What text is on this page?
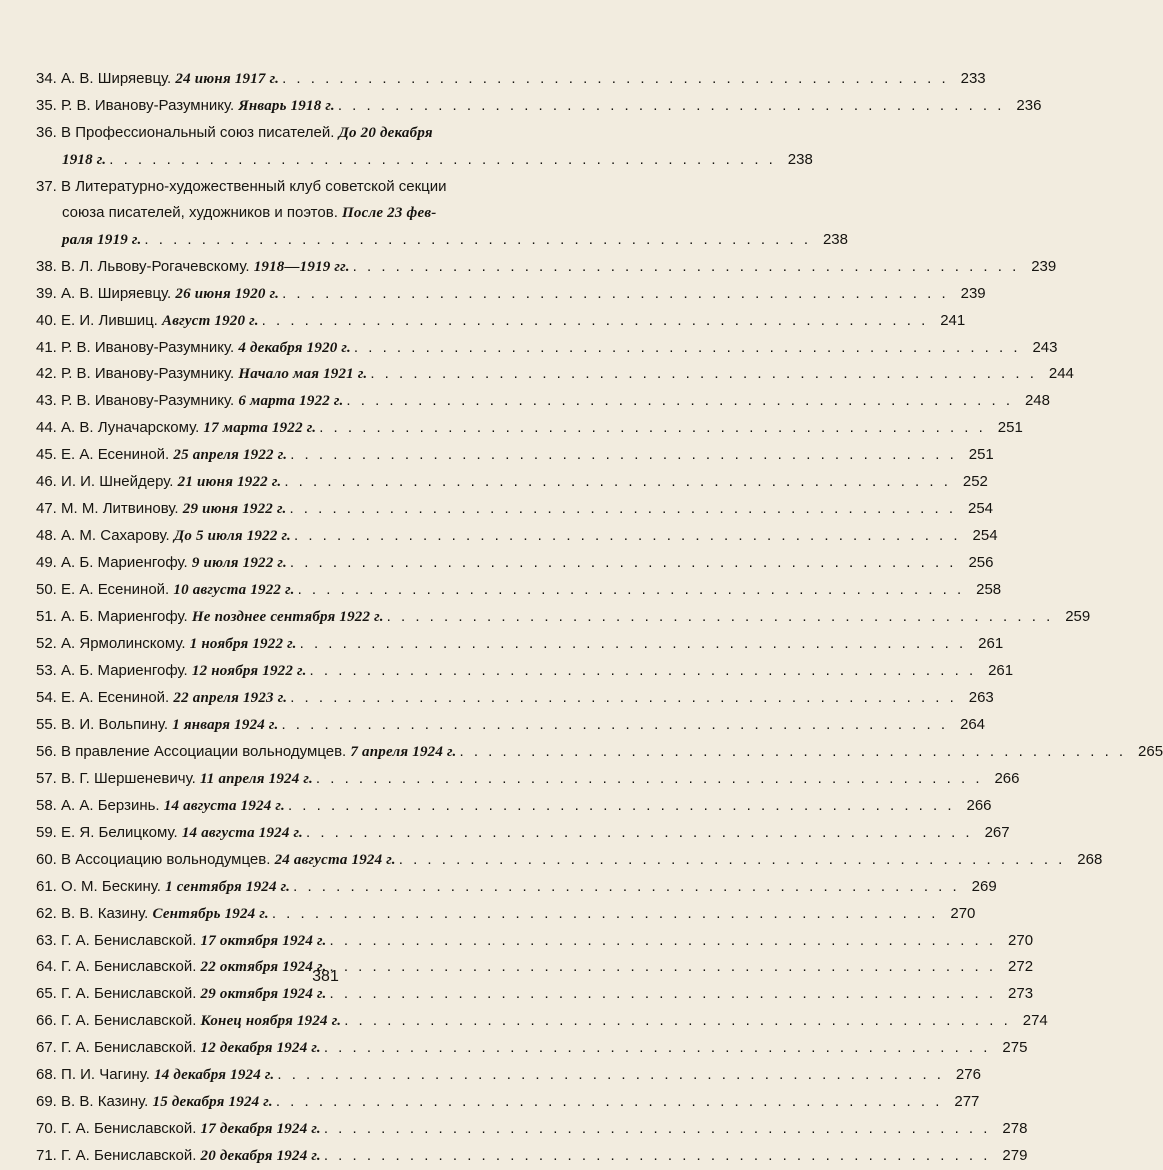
34.
А. В. Ширяевцу. 24 июня 1917 г. . . .	233
35.
Р. В. Иванову-Разумнику. Январь 1918 г. . . .	236
36.
В Профессиональный союз писателей. До 20 декабря
1918 г. . . .	238
37.
В Литературно-художественный клуб советской секции
союза писателей, художников и поэтов. После 23 фев-
раля 1919 г. . . .	238
38.
В. Л. Львову-Рогачевскому. 1918—1919 гг. . . .	239
39.
А. В. Ширяевцу. 26 июня 1920 г. . . .	239
40.
Е. И. Лившиц. Август 1920 г. . . .	241
41.
Р. В. Иванову-Разумнику. 4 декабря 1920 г. . . .	243
42.
Р. В. Иванову-Разумнику. Начало мая 1921 г. . . .	244
43.
Р. В. Иванову-Разумнику. 6 марта 1922 г. . . .	248
44.
А. В. Луначарскому. 17 марта 1922 г. . . .	251
45.
Е. А. Есениной. 25 апреля 1922 г. . . .	251
46.
И. И. Шнейдеру. 21 июня 1922 г. . . .	252
47.
М. М. Литвинову. 29 июня 1922 г. . . .	254
48.
А. М. Сахарову. До 5 июля 1922 г. . . .	254
49.
А. Б. Мариенгофу. 9 июля 1922 г. . . .	256
50.
Е. А. Есениной. 10 августа 1922 г. . . .	258
51.
А. Б. Мариенгофу. Не позднее сентября 1922 г. . . .	259
52.
А. Ярмолинскому. 1 ноября 1922 г. . . .	261
53.
А. Б. Мариенгофу. 12 ноября 1922 г. . . .	261
54.
Е. А. Есениной. 22 апреля 1923 г. . . .	263
55.
В. И. Вольпину. 1 января 1924 г. . . .	264
56.
В правление Ассоциации вольнодумцев. 7 апреля 1924 г. . . .	265
57.
В. Г. Шершеневичу. 11 апреля 1924 г. . . .	266
58.
А. А. Берзинь. 14 августа 1924 г. . . .	266
59.
Е. Я. Белицкому. 14 августа 1924 г. . . .	267
60.
В Ассоциацию вольнодумцев. 24 августа 1924 г. . . .	268
61.
О. М. Бескину. 1 сентября 1924 г. . . .	269
62.
В. В. Казину. Сентябрь 1924 г. . . .	270
63.
Г. А. Бениславской. 17 октября 1924 г. . . .	270
64.
Г. А. Бениславской. 22 октября 1924 г. . . .	272
65.
Г. А. Бениславской. 29 октября 1924 г. . . .	273
66.
Г. А. Бениславской. Конец ноября 1924 г. . . .	274
67.
Г. А. Бениславской. 12 декабря 1924 г. . . .	275
68.
П. И. Чагину. 14 декабря 1924 г. . . .	276
69.
В. В. Казину. 15 декабря 1924 г. . . .	277
70.
Г. А. Бениславской. 17 декабря 1924 г. . . .	278
71.
Г. А. Бениславской. 20 декабря 1924 г. . . .	279
381
